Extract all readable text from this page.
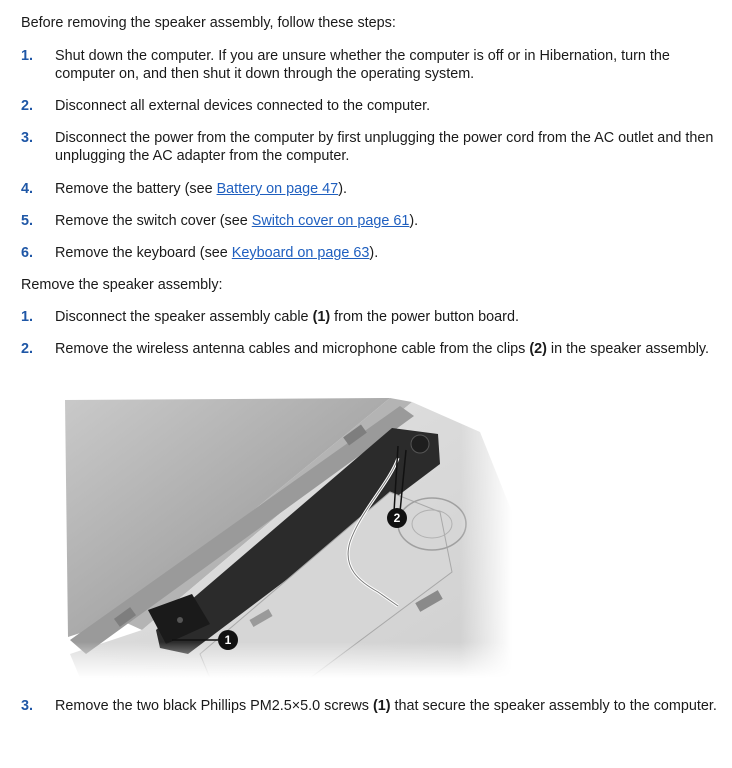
Before removing the speaker assembly, follow these steps:
1. Shut down the computer. If you are unsure whether the computer is off or in Hibernation, turn the computer on, and then shut it down through the operating system.
2. Disconnect all external devices connected to the computer.
3. Disconnect the power from the computer by first unplugging the power cord from the AC outlet and then unplugging the AC adapter from the computer.
4. Remove the battery (see Battery on page 47).
5. Remove the switch cover (see Switch cover on page 61).
6. Remove the keyboard (see Keyboard on page 63).
Remove the speaker assembly:
1. Disconnect the speaker assembly cable (1) from the power button board.
2. Remove the wireless antenna cables and microphone cable from the clips (2) in the speaker assembly.
2
1
3. Remove the two black Phillips PM2.5×5.0 screws (1) that secure the speaker assembly to the computer.
